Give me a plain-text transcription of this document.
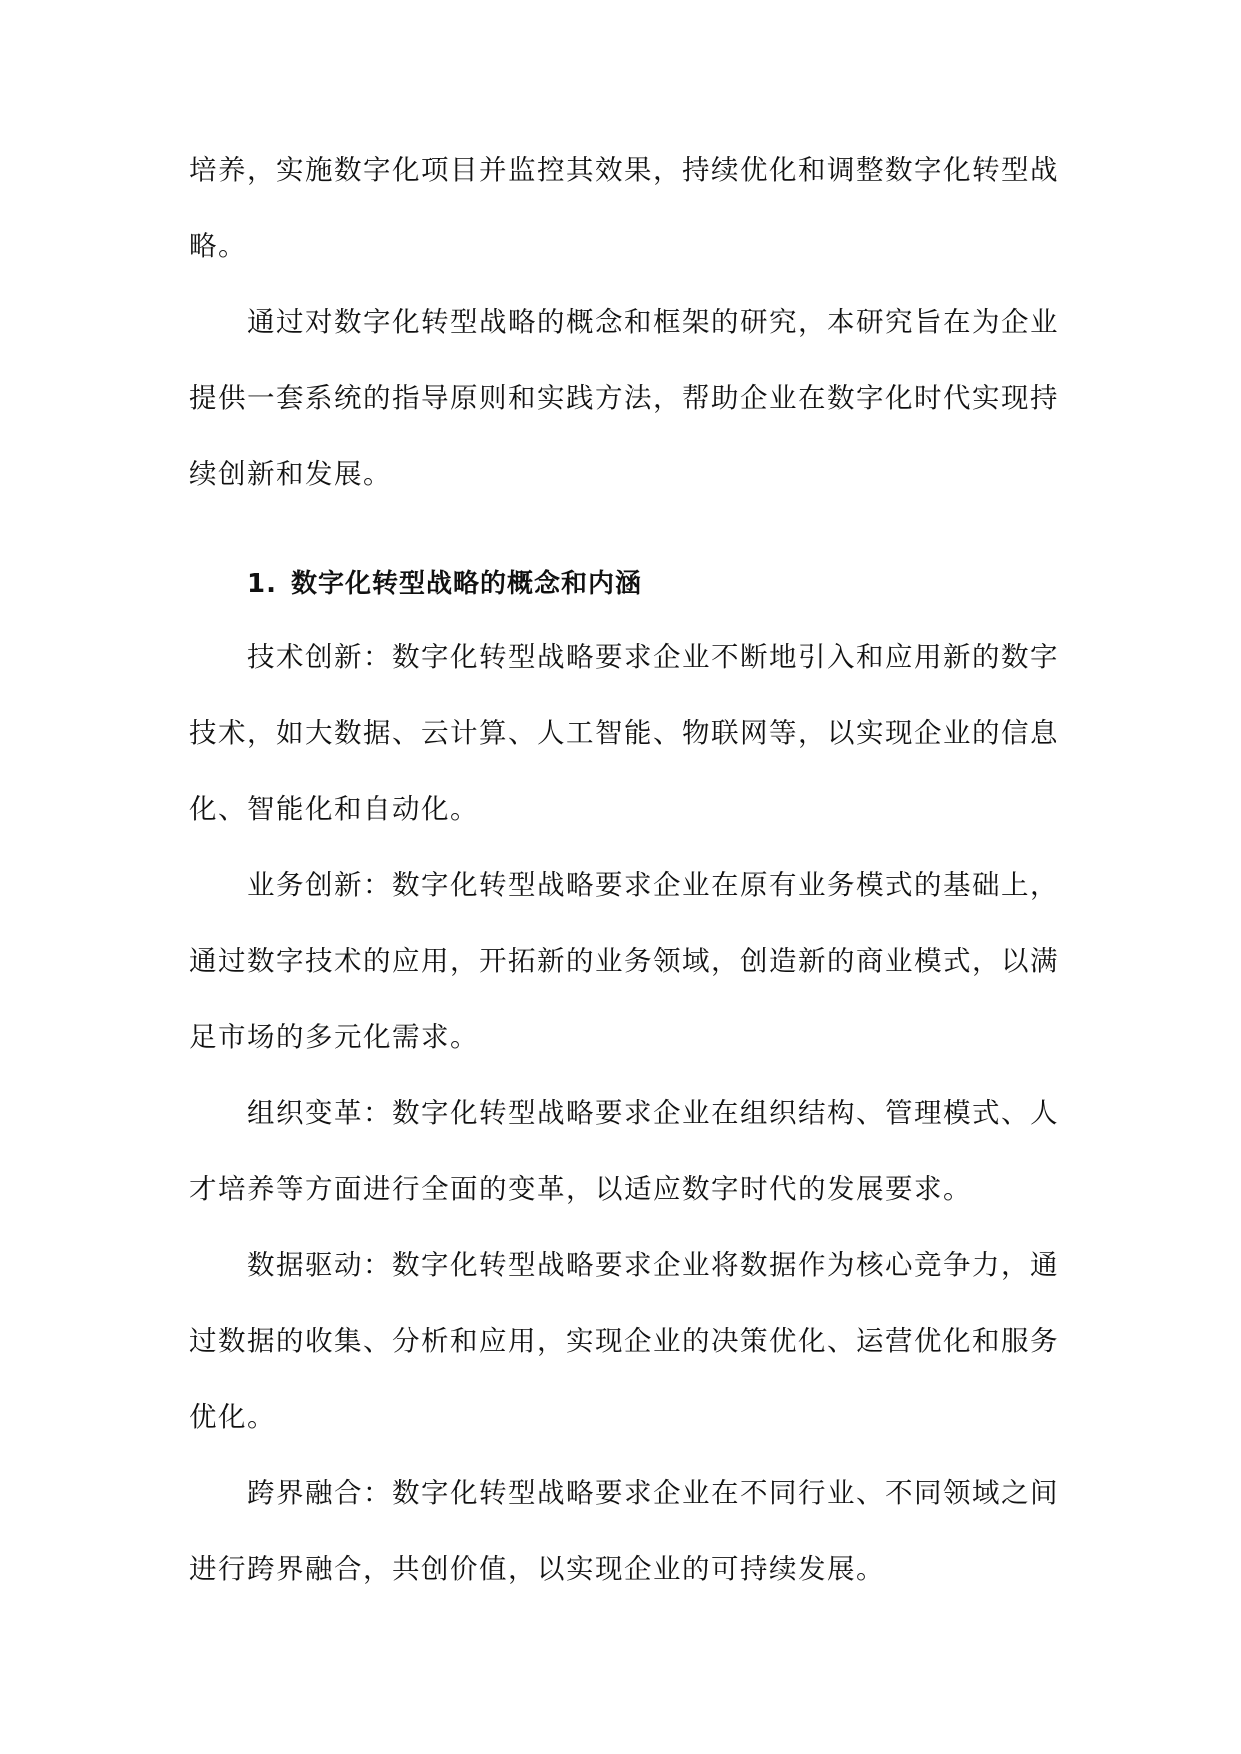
培养，实施数字化项目并监控其效果，持续优化和调整数字化转型战

略。

通过对数字化转型战略的概念和框架的研究，本研究旨在为企业

提供一套系统的指导原则和实践方法，帮助企业在数字化时代实现持

续创新和发展。

1. 数字化转型战略的概念和内涵

技术创新：数字化转型战略要求企业不断地引入和应用新的数字

技术，如大数据、云计算、人工智能、物联网等，以实现企业的信息

化、智能化和自动化。

业务创新：数字化转型战略要求企业在原有业务模式的基础上，

通过数字技术的应用，开拓新的业务领域，创造新的商业模式，以满

足市场的多元化需求。

组织变革：数字化转型战略要求企业在组织结构、管理模式、人

才培养等方面进行全面的变革，以适应数字时代的发展要求。

数据驱动：数字化转型战略要求企业将数据作为核心竞争力，通

过数据的收集、分析和应用，实现企业的决策优化、运营优化和服务

优化。

跨界融合：数字化转型战略要求企业在不同行业、不同领域之间

进行跨界融合，共创价值，以实现企业的可持续发展。
